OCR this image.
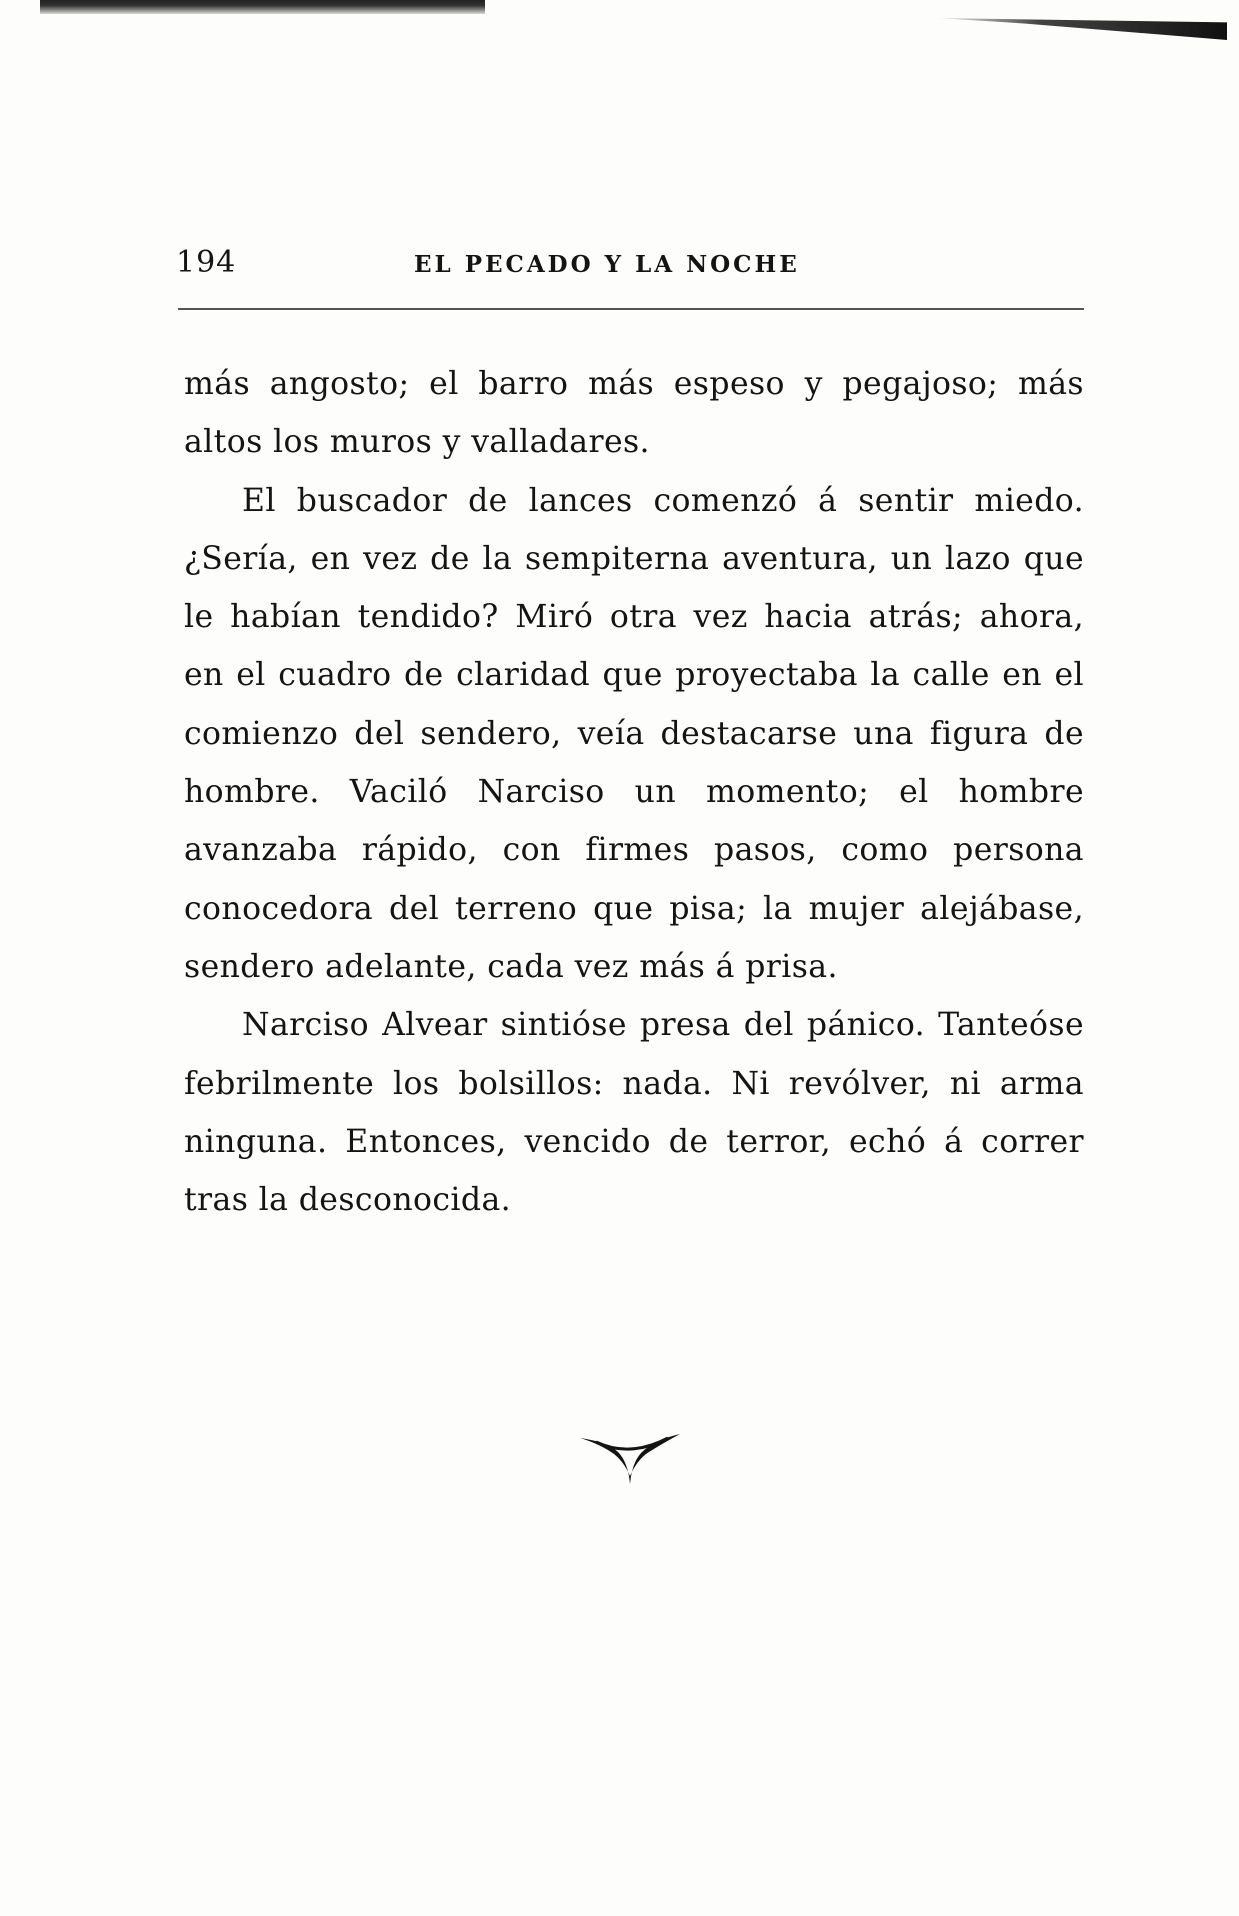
194	EL PECADO Y LA NOCHE

más angosto; el barro más espeso y pegajoso; más altos los muros y valladares.

El buscador de lances comenzó á sentir miedo. ¿Sería, en vez de la sempiterna aventura, un lazo que le habían tendido? Miró otra vez hacia atrás; ahora, en el cuadro de claridad que proyectaba la calle en el comienzo del sendero, veía destacarse una figura de hombre. Vaciló Narciso un momento; el hombre avanzaba rápido, con firmes pasos, como persona conocedora del terreno que pisa; la mujer alejábase, sendero adelante, cada vez más á prisa.

Narciso Alvear sintióse presa del pánico. Tanteóse febrilmente los bolsillos: nada. Ni revólver, ni arma ninguna. Entonces, vencido de terror, echó á correr tras la desconocida.
